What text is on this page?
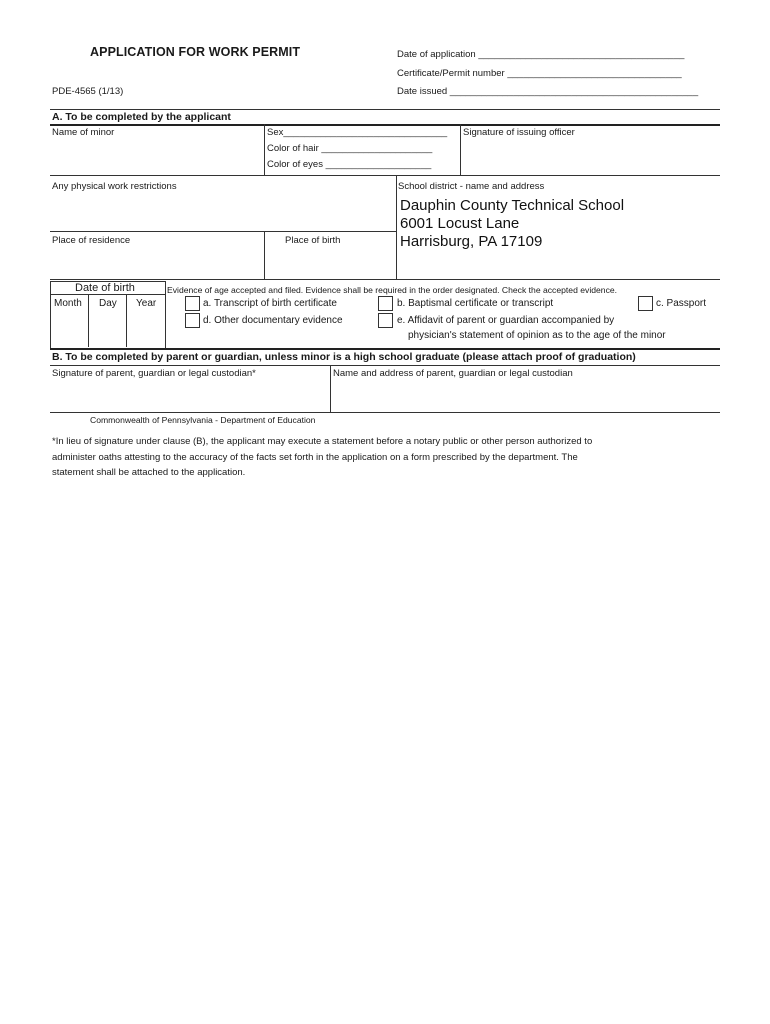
APPLICATION FOR WORK PERMIT
PDE-4565 (1/13)
Date of application _______________________________________
Certificate/Permit number _________________________________
Date issued _______________________________________________
A. To be completed by the applicant
Name of minor	Sex_______________________________
Color of hair _____________________
Color of eyes ____________________
Signature of issuing officer
Any physical work restrictions	School district - name and address
Dauphin County Technical School
6001 Locust Lane
Harrisburg, PA 17109
Place of residence	Place of birth
Date of birth
Month Day Year
Evidence of age accepted and filed. Evidence shall be required in the order designated. Check the accepted evidence.
a. Transcript of birth certificate	b. Baptismal certificate or transcript	c. Passport
d. Other documentary evidence	e. Affidavit of parent or guardian accompanied by
physician's statement of opinion as to the age of the minor
B. To be completed by parent or guardian, unless minor is a high school graduate (please attach proof of graduation)
Signature of parent, guardian or legal custodian*	Name and address of parent, guardian or legal custodian
Commonwealth of Pennsylvania - Department of Education
*In lieu of signature under clause (B), the applicant may execute a statement before a notary public or other person authorized to
administer oaths attesting to the accuracy of the facts set forth in the application on a form prescribed by the department. The
statement shall be attached to the application.
